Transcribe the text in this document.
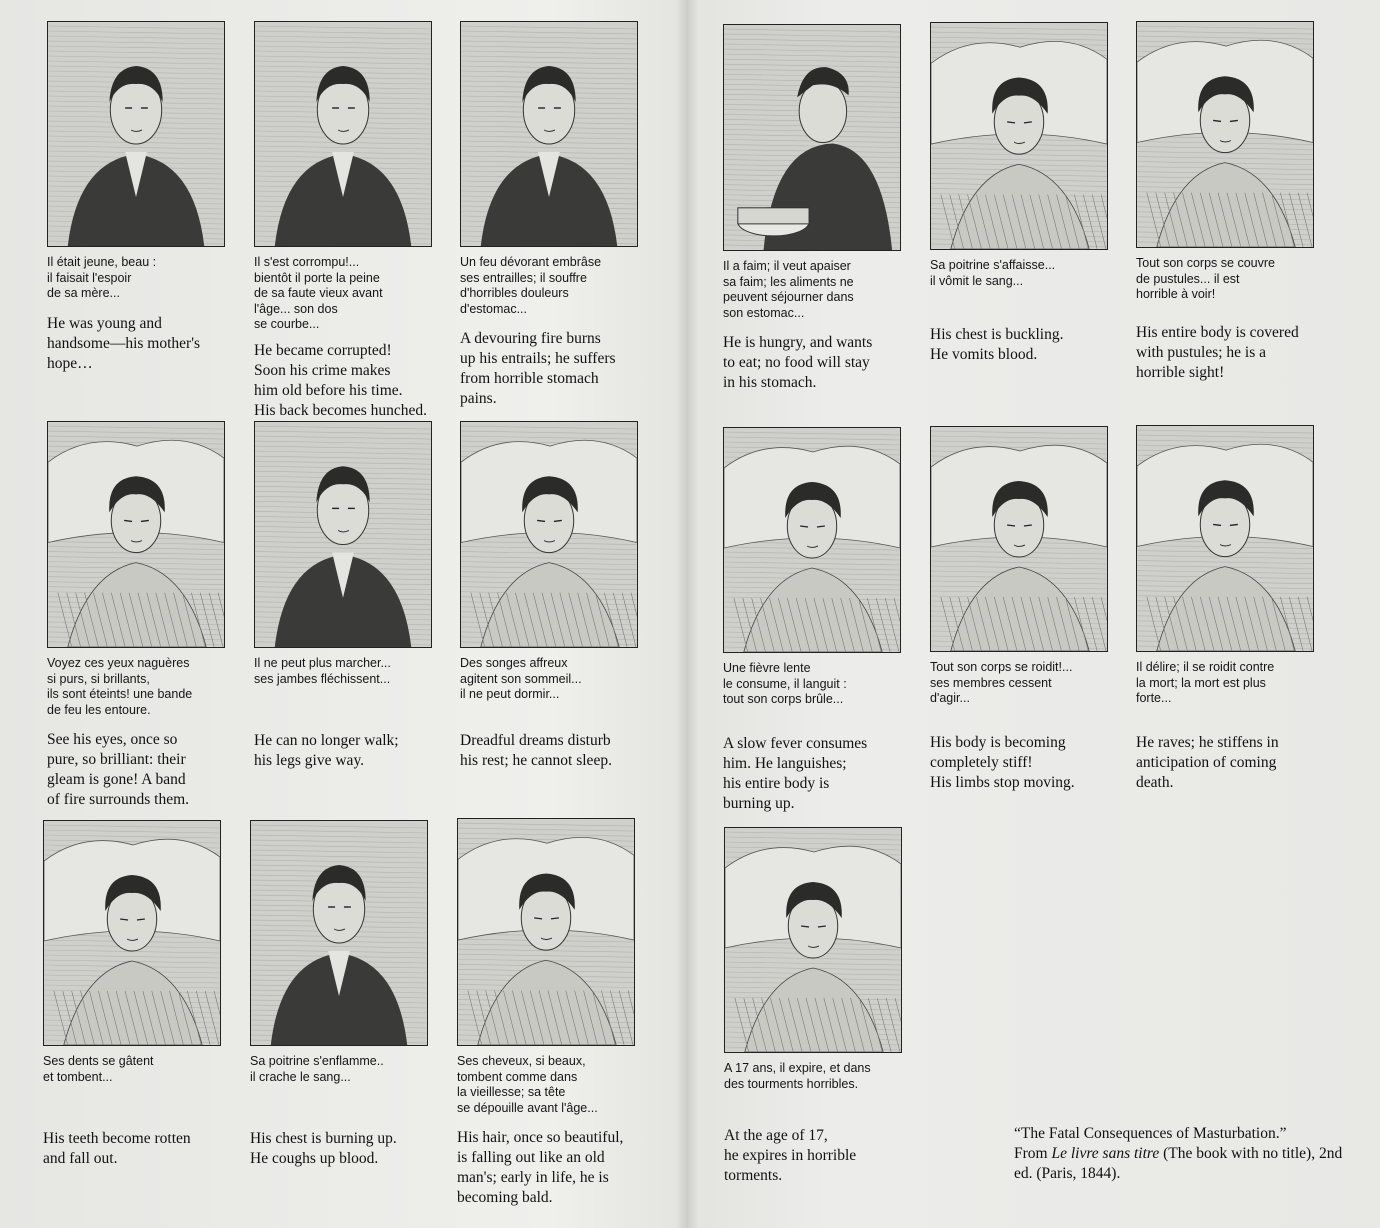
Il était jeune, beau :
il faisait l'espoir
de sa mère...
He was young and
handsome—his mother's
hope…
Il s'est corrompu!...
bientôt il porte la peine
de sa faute vieux avant
l'âge... son dos
se courbe...
He became corrupted!
Soon his crime makes
him old before his time.
His back becomes hunched.
Un feu dévorant embrâse
ses entrailles; il souffre
d'horribles douleurs
d'estomac...
A devouring fire burns
up his entrails; he suffers
from horrible stomach
pains.
Il a faim; il veut apaiser
sa faim; les aliments ne
peuvent séjourner dans
son estomac...
He is hungry, and wants
to eat; no food will stay
in his stomach.
Sa poitrine s'affaisse...
il vômit le sang...
His chest is buckling.
He vomits blood.
Tout son corps se couvre
de pustules... il est
horrible à voir!
His entire body is covered
with pustules; he is a
horrible sight!
Voyez ces yeux naguères
si purs, si brillants,
ils sont éteints! une bande
de feu les entoure.
See his eyes, once so
pure, so brilliant: their
gleam is gone! A band
of fire surrounds them.
Il ne peut plus marcher...
ses jambes fléchissent...
He can no longer walk;
his legs give way.
Des songes affreux
agitent son sommeil...
il ne peut dormir...
Dreadful dreams disturb
his rest; he cannot sleep.
Une fièvre lente
le consume, il languit :
tout son corps brûle...
A slow fever consumes
him. He languishes;
his entire body is
burning up.
Tout son corps se roidit!...
ses membres cessent
d'agir...
His body is becoming
completely stiff!
His limbs stop moving.
Il délire; il se roidit contre
la mort; la mort est plus
forte...
He raves; he stiffens in
anticipation of coming
death.
Ses dents se gâtent
et tombent...
His teeth become rotten
and fall out.
Sa poitrine s'enflamme..
il crache le sang...
His chest is burning up.
He coughs up blood.
Ses cheveux, si beaux,
tombent comme dans
la vieillesse; sa tête
se dépouille avant l'âge...
His hair, once so beautiful,
is falling out like an old
man's; early in life, he is
becoming bald.
A 17 ans, il expire, et dans
des tourments horribles.
At the age of 17,
he expires in horrible
torments.
“The Fatal Consequences of Masturbation.”
From Le livre sans titre (The book with no title), 2nd ed. (Paris, 1844).
